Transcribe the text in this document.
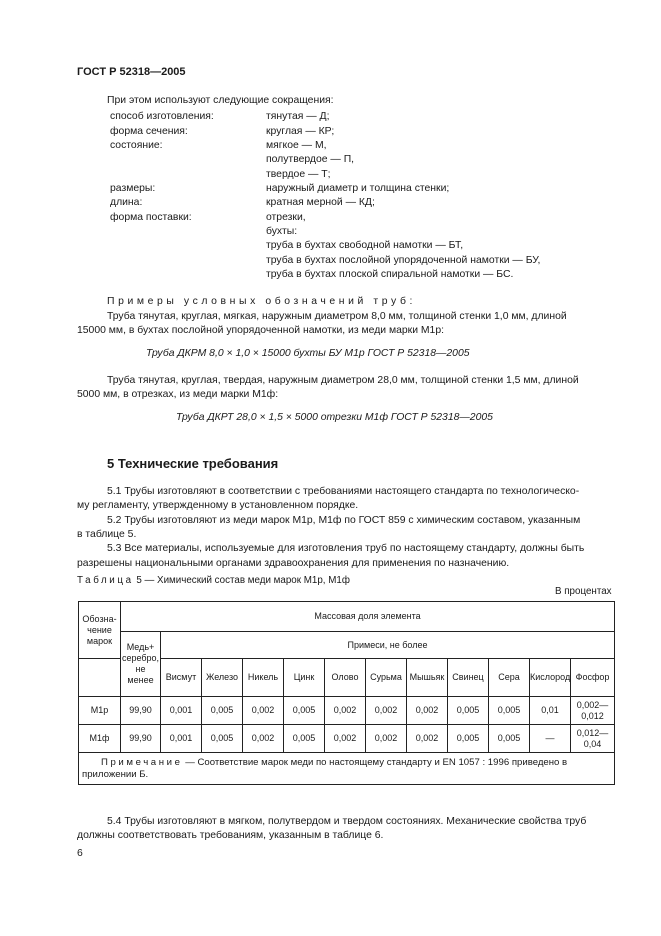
ГОСТ Р 52318—2005
При этом используют следующие сокращения:
способ изготовления:	тянутая — Д;
форма сечения:	круглая — КР;
состояние:	мягкое — М,
полутвердое — П,
твердое — Т;
размеры:	наружный диаметр и толщина стенки;
длина:	кратная мерной — КД;
форма поставки:	отрезки,
бухты:
труба в бухтах свободной намотки — БТ,
труба в бухтах послойной упорядоченной намотки — БУ,
труба в бухтах плоской спиральной намотки — БС.
Примеры условных обозначений труб:
Труба тянутая, круглая, мягкая, наружным диаметром 8,0 мм, толщиной стенки 1,0 мм, длиной
15000 мм, в бухтах послойной упорядоченной намотки, из меди марки М1р:
Труба ДКРМ 8,0 × 1,0 × 15000 бухты БУ М1р ГОСТ Р 52318—2005
Труба тянутая, круглая, твердая, наружным диаметром 28,0 мм, толщиной стенки 1,5 мм, длиной
5000 мм, в отрезках, из меди марки М1ф:
Труба ДКРТ 28,0 × 1,5 × 5000 отрезки М1ф ГОСТ Р 52318—2005
5 Технические требования
5.1 Трубы изготовляют в соответствии с требованиями настоящего стандарта по технологическо-
му регламенту, утвержденному в установленном порядке.
5.2 Трубы изготовляют из меди марок М1р, М1ф по ГОСТ 859 с химическим составом, указанным
в таблице 5.
5.3 Все материалы, используемые для изготовления труб по настоящему стандарту, должны быть
разрешены национальными органами здравоохранения для применения по назначению.
Таблица 5 — Химический состав меди марок М1р, М1ф
В процентах
Обозна-
чение
марок	Массовая доля элемента											
	Медь+
серебро,
не
менее	Примеси, не более										
		Висмут	Железо	Никель	Цинк	Олово	Сурьма	Мышьяк	Свинец	Сера	Кислород	Фосфор
М1р	99,90	0,001	0,005	0,002	0,005	0,002	0,002	0,002	0,005	0,005	0,01	0,002—
0,012
М1ф	99,90	0,001	0,005	0,002	0,005	0,002	0,002	0,002	0,005	0,005	—	0,012—
0,04
Примечание — Соответствие марок меди по настоящему стандарту и EN 1057 : 1996 приведено в
приложении Б.												
5.4 Трубы изготовляют в мягком, полутвердом и твердом состояниях. Механические свойства труб
должны соответствовать требованиям, указанным в таблице 6.
6
